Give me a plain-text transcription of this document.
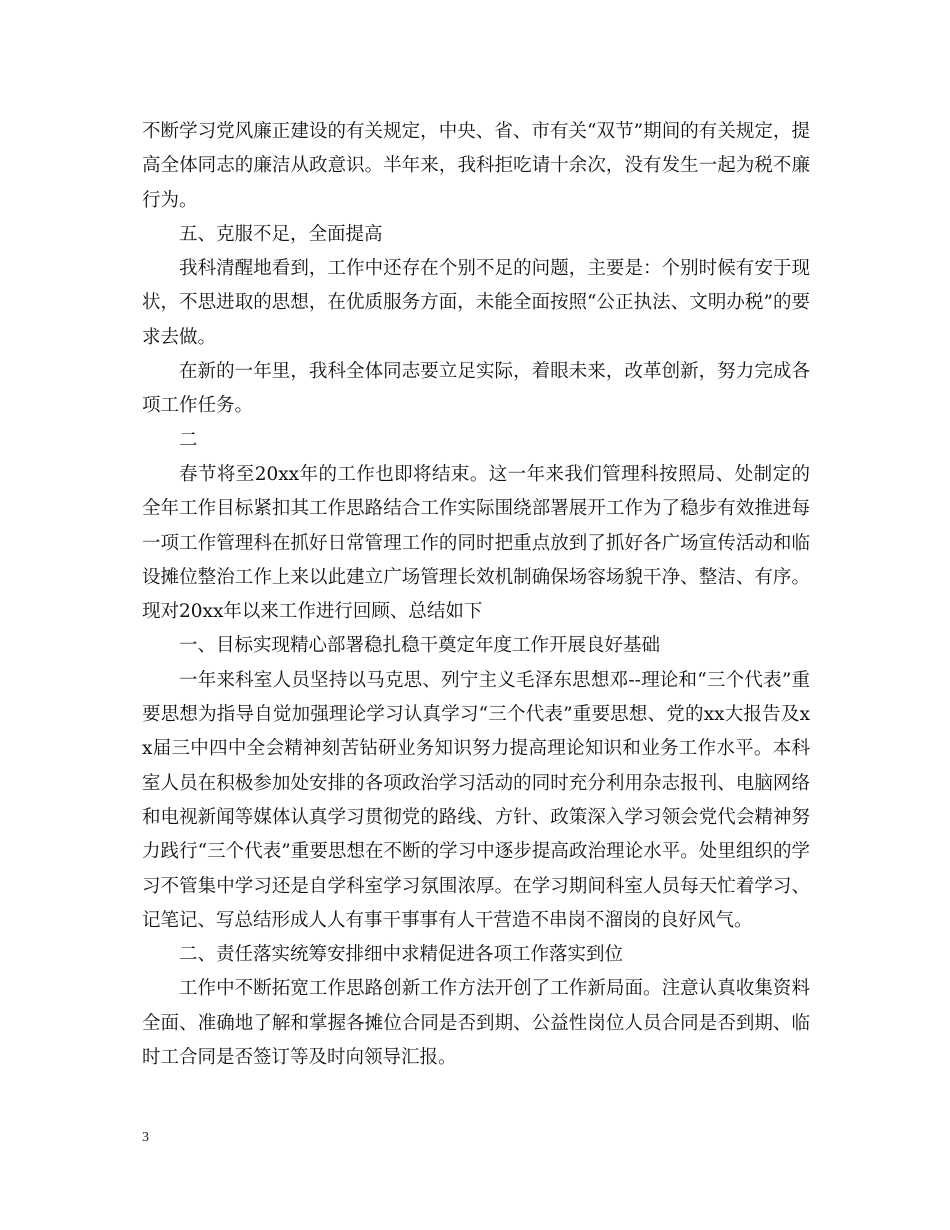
不断学习党风廉正建设的有关规定，中央、省、市有关“双节”期间的有关规定，提高全体同志的廉洁从政意识。半年来，我科拒吃请十余次，没有发生一起为税不廉行为。

五、克服不足，全面提高

我科清醒地看到，工作中还存在个别不足的问题，主要是：个别时候有安于现状，不思进取的思想，在优质服务方面，未能全面按照“公正执法、文明办税”的要求去做。

在新的一年里，我科全体同志要立足实际，着眼未来，改革创新，努力完成各项工作任务。

二

春节将至20xx年的工作也即将结束。这一年来我们管理科按照局、处制定的全年工作目标紧扣其工作思路结合工作实际围绕部署展开工作为了稳步有效推进每一项工作管理科在抓好日常管理工作的同时把重点放到了抓好各广场宣传活动和临设摊位整治工作上来以此建立广场管理长效机制确保场容场貌干净、整洁、有序。现对20xx年以来工作进行回顾、总结如下

一、目标实现精心部署稳扎稳干奠定年度工作开展良好基础

一年来科室人员坚持以马克思、列宁主义毛泽东思想邓--理论和“三个代表”重要思想为指导自觉加强理论学习认真学习“三个代表”重要思想、党的xx大报告及xx届三中四中全会精神刻苦钻研业务知识努力提高理论知识和业务工作水平。本科室人员在积极参加处安排的各项政治学习活动的同时充分利用杂志报刊、电脑网络和电视新闻等媒体认真学习贯彻党的路线、方针、政策深入学习领会党代会精神努力践行“三个代表”重要思想在不断的学习中逐步提高政治理论水平。处里组织的学习不管集中学习还是自学科室学习氛围浓厚。在学习期间科室人员每天忙着学习、记笔记、写总结形成人人有事干事事有人干营造不串岗不溜岗的良好风气。

二、责任落实统筹安排细中求精促进各项工作落实到位

工作中不断拓宽工作思路创新工作方法开创了工作新局面。注意认真收集资料全面、准确地了解和掌握各摊位合同是否到期、公益性岗位人员合同是否到期、临时工合同是否签订等及时向领导汇报。

3
